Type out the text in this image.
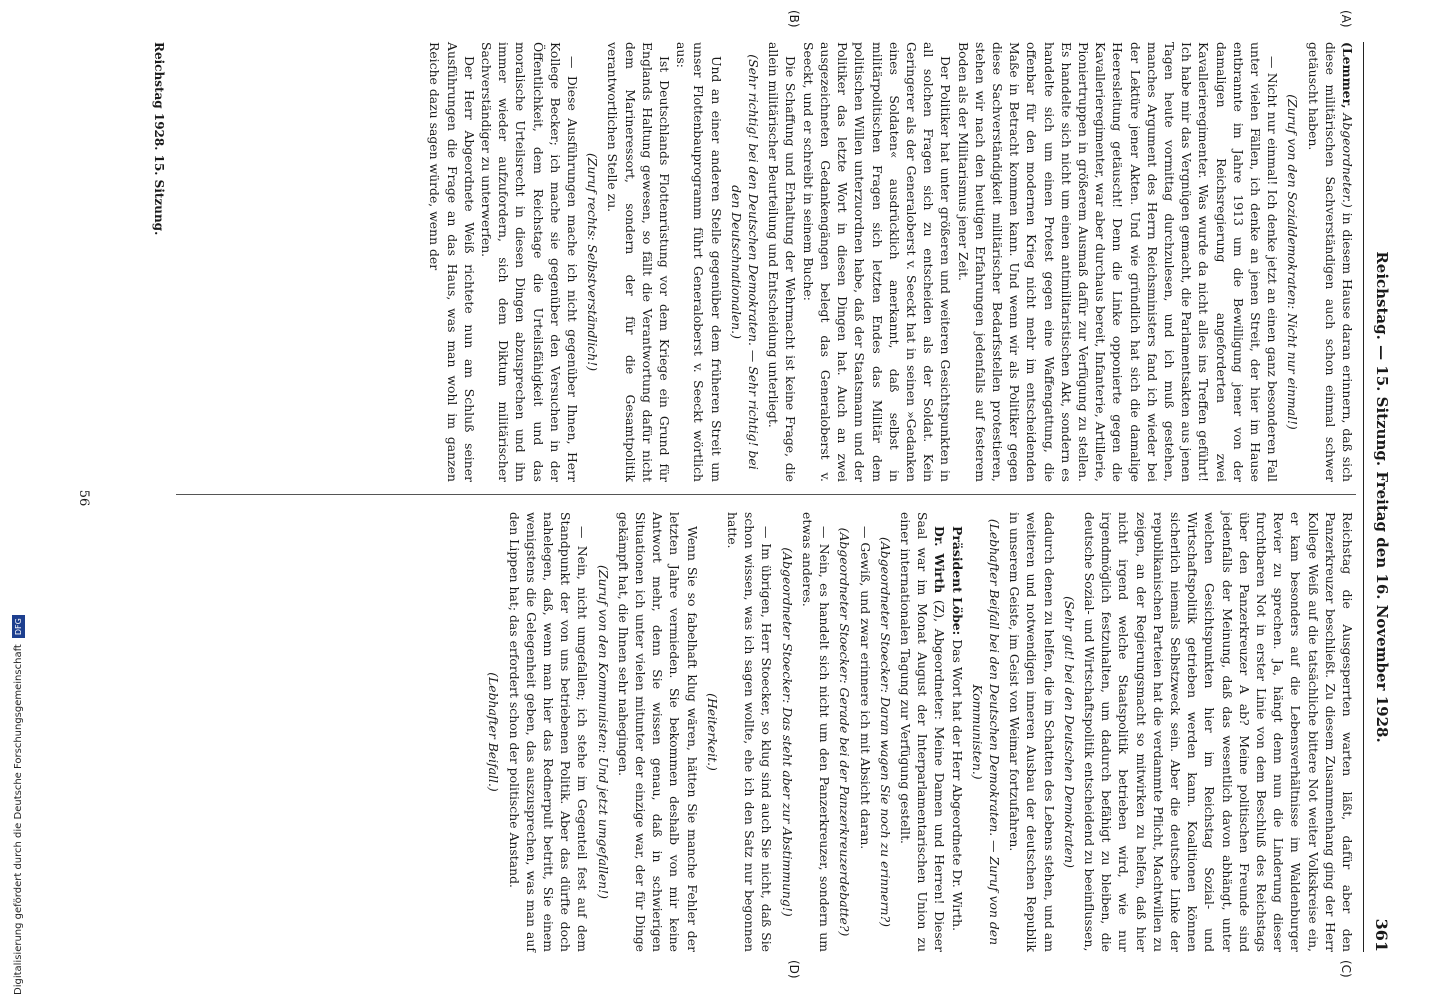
Digitalisierung gefördert durch die Deutsche Forschungsgemeinschaft
DFG	Reichstag. — 15. Sitzung. Freitag den 16. November 1928.
361
(A)
(B)
(C)
(D)

(Lemmer, Abgeordneter.) in diesem Hause daran erinnern, daß sich diese militärischen Sachverständigen auch schon einmal schwer getäuscht haben.

(Zuruf von den Sozialdemokraten: Nicht nur einmal!)

— Nicht nur einmal! Ich denke jetzt an einen ganz besonderen Fall unter vielen Fällen, ich denke an jenen Streit, der hier im Hause entbrannte im Jahre 1913 um die Bewilligung jener von der damaligen Reichsregierung angeforderten zwei Kavallerieregimenter. Was wurde da nicht alles ins Treffen geführt! Ich habe mir das Vergnügen gemacht, die Parlamentsakten aus jenen Tagen heute vormittag durchzulesen, und ich muß gestehen, manches Argument des Herrn Reichsministers fand ich wieder bei der Lektüre jener Akten. Und wie gründlich hat sich die damalige Heeresleitung getäuscht! Denn die Linke opponierte gegen die Kavallerieregimenter, war aber durchaus bereit, Infanterie, Artillerie, Pioniertruppen in größerem Ausmaß dafür zur Verfügung zu stellen. Es handelte sich nicht um einen antimilitaristischen Akt, sondern es handelte sich um einen Protest gegen eine Waffengattung, die offenbar für den modernen Krieg nicht mehr im entscheidenden Maße in Betracht kommen kann. Und wenn wir als Politiker gegen diese Sachverständigkeit militärischer Bedarfsstellen protestieren, stehen wir nach den heutigen Erfahrungen jedenfalls auf festerem Boden als der Militarismus jener Zeit.

Der Politiker hat unter größeren und weiteren Gesichtspunkten in all solchen Fragen sich zu entscheiden als der Soldat. Kein Geringerer als der Generaloberst v. Seeckt hat in seinen »Gedanken eines Soldaten« ausdrücklich anerkannt, daß selbst in militärpolitischen Fragen sich letzten Endes das Militär dem politischen Willen unterzuordnen habe, daß der Staatsmann und der Politiker das letzte Wort in diesen Dingen hat. Auch an zwei ausgezeichneten Gedankengängen belegt das Generaloberst v. Seeckt, und er schreibt in seinem Buche:

Die Schaffung und Erhaltung der Wehrmacht ist keine Frage, die allein militärischer Beurteilung und Entscheidung unterliegt.

(Sehr richtig! bei den Deutschen Demokraten. — Sehr richtig! bei den Deutschnationalen.)

Und an einer anderen Stelle gegenüber dem früheren Streit um unser Flottenbauprogramm führt Generaloberst v. Seeckt wörtlich aus:

Ist Deutschlands Flottenrüstung vor dem Kriege ein Grund für Englands Haltung gewesen, so fällt die Verantwortung dafür nicht dem Marineressort, sondern der für die Gesamtpolitik verantwortlichen Stelle zu.

(Zuruf rechts: Selbstverständlich!)

— Diese Ausführungen mache ich nicht gegenüber Ihnen, Herr Kollege Becker; ich mache sie gegenüber den Versuchen in der Öffentlichkeit, dem Reichstage die Urteilsfähigkeit und das moralische Urteilsrecht in diesen Dingen abzusprechen und ihn immer wieder aufzufordern, sich dem Diktum militärischer Sachverständiger zu unterwerfen.

Der Herr Abgeordnete Weiß richtete nun am Schluß seiner Ausführungen die Frage an das Haus, was man wohl im ganzen Reiche dazu sagen würde, wenn der

Reichstag die Ausgesperrten warten läßt, dafür aber den Panzerkreuzer beschließt. Zu diesem Zusammenhang ging der Herr Kollege Weiß auf die tatsächliche bittere Not weiter Volkskreise ein, er kam besonders auf die Lebensverhältnisse im Waldenburger Revier zu sprechen. Ja, hängt denn nun die Linderung dieser furchtbaren Not in erster Linie von dem Beschluß des Reichstags über den Panzerkreuzer A ab? Meine politischen Freunde sind jedenfalls der Meinung, daß das wesentlich davon abhängt, unter welchen Gesichtspunkten hier im Reichstag Sozial- und Wirtschaftspolitik getrieben werden kann. Koalitionen können sicherlich niemals Selbstzweck sein. Aber die deutsche Linke der republikanischen Parteien hat die verdammte Pflicht, Machtwillen zu zeigen, an der Regierungsmacht so mitwirken zu helfen, daß hier nicht irgend welche Staatspolitik betrieben wird, wie nur irgendmöglich festzuhalten, um dadurch befähigt zu bleiben, die deutsche Sozial- und Wirtschaftspolitik entscheidend zu beeinflussen,

(Sehr gut! bei den Deutschen Demokraten)

dadurch denen zu helfen, die im Schatten des Lebens stehen, und am weiteren und notwendigen inneren Ausbau der deutschen Republik in unserem Geiste, im Geist von Weimar fortzufahren.

(Lebhafter Beifall bei den Deutschen Demokraten. — Zuruf von den Kommunisten.)

Präsident Löbe: Das Wort hat der Herr Abgeordnete Dr. Wirth.

Dr. Wirth (Z), Abgeordneter: Meine Damen und Herren! Dieser Saal war im Monat August der Interparlamentarischen Union zu einer internationalen Tagung zur Verfügung gestellt.

(Abgeordneter Stoecker: Daran wagen Sie noch zu erinnern?)

— Gewiß, und zwar erinnere ich mit Absicht daran.

(Abgeordneter Stoecker: Gerade bei der Panzerkreuzerdebatte?)

— Nein, es handelt sich nicht um den Panzerkreuzer, sondern um etwas anderes.

(Abgeordneter Stoecker: Das steht aber zur Abstimmung!)

— Im übrigen, Herr Stoecker, so klug sind auch Sie nicht, daß Sie schon wissen, was ich sagen wollte, ehe ich den Satz nur begonnen hatte.

(Heiterkeit.)

Wenn Sie so fabelhaft klug wären, hätten Sie manche Fehler der letzten Jahre vermieden. Sie bekommen deshalb von mir keine Antwort mehr, denn Sie wissen genau, daß in schwierigen Situationen ich unter vielen mitunter der einzige war, der für Dinge gekämpft hat, die Ihnen sehr nahegingen.

(Zuruf von den Kommunisten: Und jetzt umgefallen!)

— Nein, nicht umgefallen; ich stehe im Gegenteil fest auf dem Standpunkt der von uns betriebenen Politik. Aber das dürfte doch nahelegen, daß, wenn man hier das Rednerpult betritt, Sie einem wenigstens die Gelegenheit geben, das auszusprechen, was man auf den Lippen hat; das erfordert schon der politische Anstand.

(Lebhafter Beifall.)

Reichstag 1928. 15. Sitzung.
56
